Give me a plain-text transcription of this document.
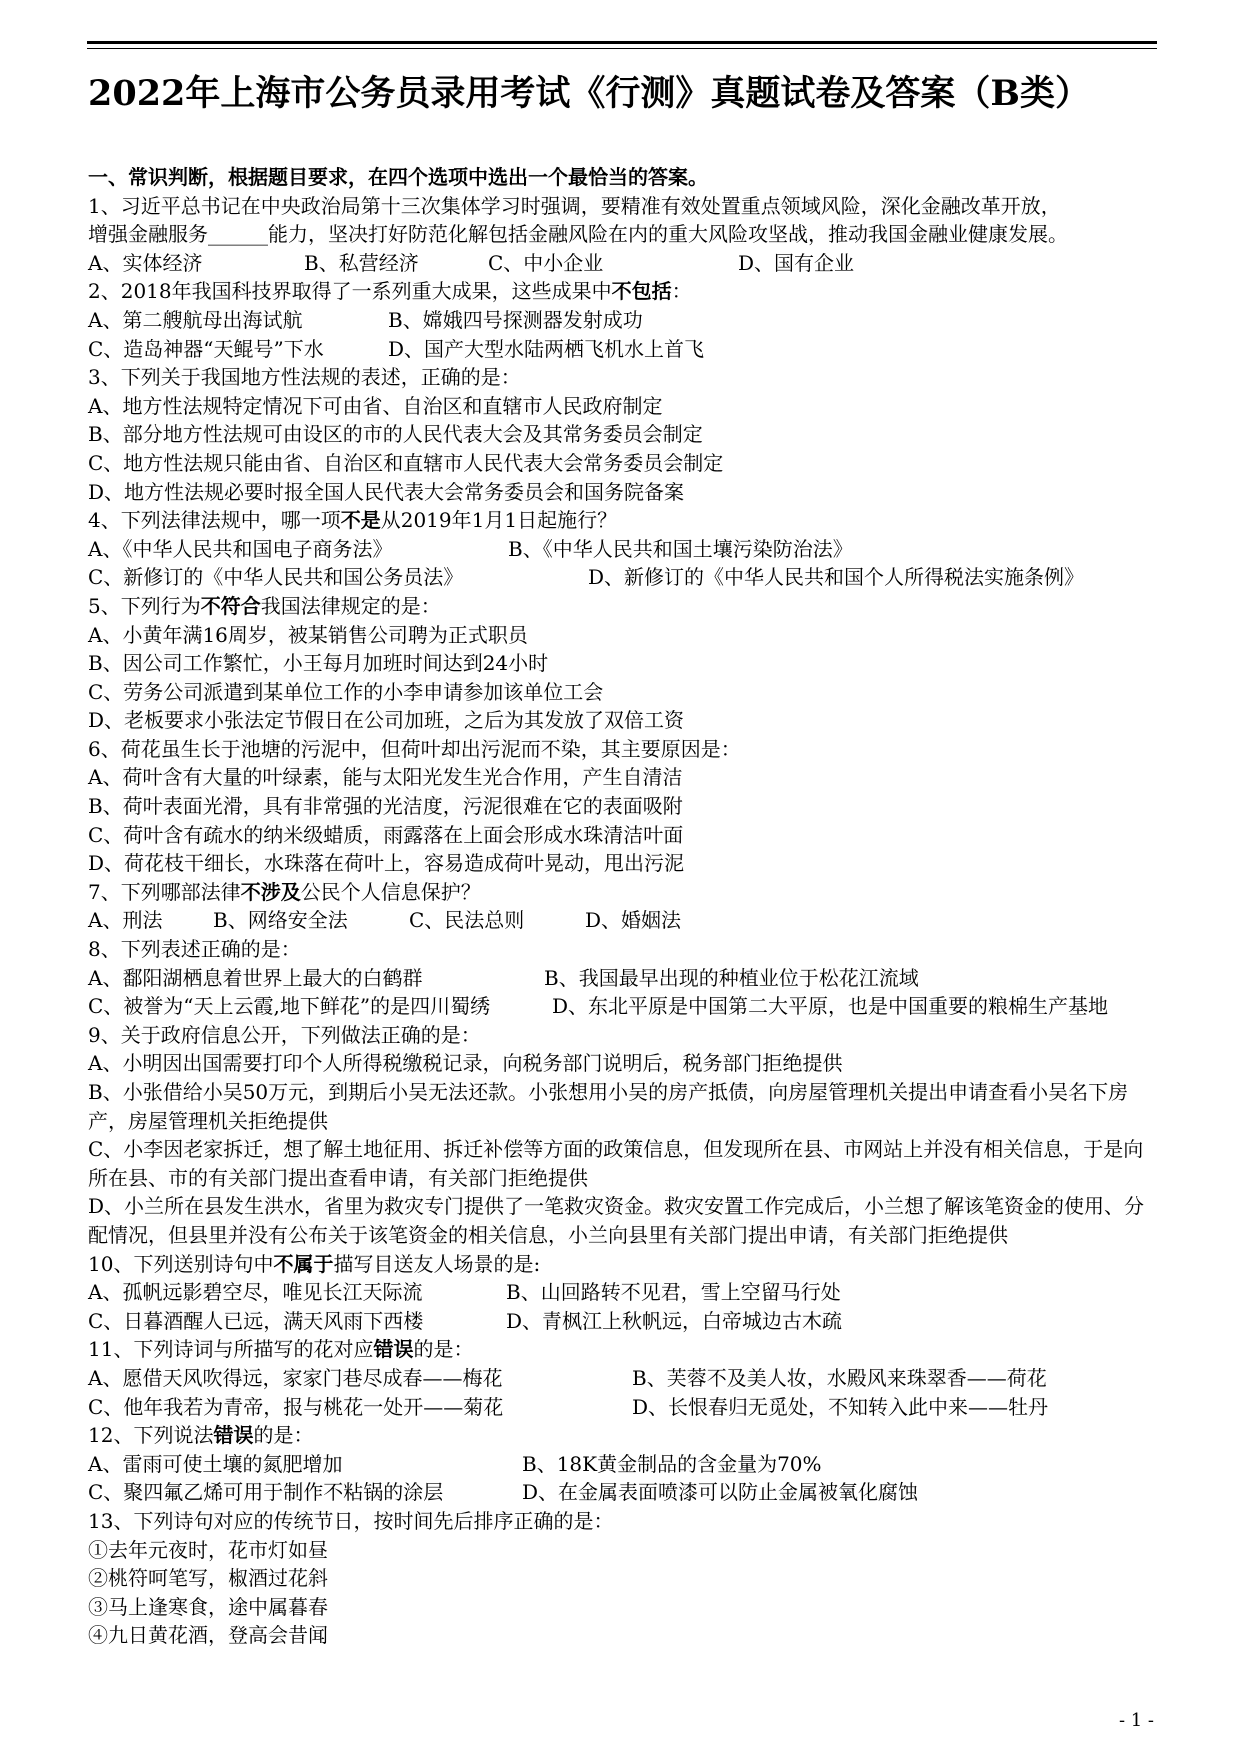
2022年上海市公务员录用考试《行测》真题试卷及答案（B类）
一、常识判断，根据题目要求，在四个选项中选出一个最恰当的答案。
1、习近平总书记在中央政治局第十三次集体学习时强调，要精准有效处置重点领域风险，深化金融改革开放，
增强金融服务______能力，坚决打好防范化解包括金融风险在内的重大风险攻坚战，推动我国金融业健康发展。
A、实体经济	B、私营经济	C、中小企业	D、国有企业
2、2018年我国科技界取得了一系列重大成果，这些成果中不包括：
A、第二艘航母出海试航	B、嫦娥四号探测器发射成功
C、造岛神器“天鲲号”下水	D、国产大型水陆两栖飞机水上首飞
3、下列关于我国地方性法规的表述，正确的是：
A、地方性法规特定情况下可由省、自治区和直辖市人民政府制定
B、部分地方性法规可由设区的市的人民代表大会及其常务委员会制定
C、地方性法规只能由省、自治区和直辖市人民代表大会常务委员会制定
D、地方性法规必要时报全国人民代表大会常务委员会和国务院备案
4、下列法律法规中，哪一项不是从2019年1月1日起施行？
A、《中华人民共和国电子商务法》	B、《中华人民共和国土壤污染防治法》
C、新修订的《中华人民共和国公务员法》	D、新修订的《中华人民共和国个人所得税法实施条例》
5、下列行为不符合我国法律规定的是：
A、小黄年满16周岁，被某销售公司聘为正式职员
B、因公司工作繁忙，小王每月加班时间达到24小时
C、劳务公司派遣到某单位工作的小李申请参加该单位工会
D、老板要求小张法定节假日在公司加班，之后为其发放了双倍工资
6、荷花虽生长于池塘的污泥中，但荷叶却出污泥而不染，其主要原因是：
A、荷叶含有大量的叶绿素，能与太阳光发生光合作用，产生自清洁
B、荷叶表面光滑，具有非常强的光洁度，污泥很难在它的表面吸附
C、荷叶含有疏水的纳米级蜡质，雨露落在上面会形成水珠清洁叶面
D、荷花枝干细长，水珠落在荷叶上，容易造成荷叶晃动，甩出污泥
7、下列哪部法律不涉及公民个人信息保护？
A、刑法	B、网络安全法	C、民法总则	D、婚姻法
8、下列表述正确的是：
A、鄱阳湖栖息着世界上最大的白鹤群	B、我国最早出现的种植业位于松花江流域
C、被誉为“天上云霞,地下鲜花”的是四川蜀绣	D、东北平原是中国第二大平原，也是中国重要的粮棉生产基地
9、关于政府信息公开，下列做法正确的是：
A、小明因出国需要打印个人所得税缴税记录，向税务部门说明后，税务部门拒绝提供
B、小张借给小吴50万元，到期后小吴无法还款。小张想用小吴的房产抵债，向房屋管理机关提出申请查看小吴名下房产，房屋管理机关拒绝提供
C、小李因老家拆迁，想了解土地征用、拆迁补偿等方面的政策信息，但发现所在县、市网站上并没有相关信息，于是向所在县、市的有关部门提出查看申请，有关部门拒绝提供
D、小兰所在县发生洪水，省里为救灾专门提供了一笔救灾资金。救灾安置工作完成后，小兰想了解该笔资金的使用、分配情况，但县里并没有公布关于该笔资金的相关信息，小兰向县里有关部门提出申请，有关部门拒绝提供
10、下列送别诗句中不属于描写目送友人场景的是:
A、孤帆远影碧空尽，唯见长江天际流	B、山回路转不见君，雪上空留马行处
C、日暮酒醒人已远，满天风雨下西楼	D、青枫江上秋帆远，白帝城边古木疏
11、下列诗词与所描写的花对应错误的是：
A、愿借天风吹得远，家家门巷尽成春——梅花	B、芙蓉不及美人妆，水殿风来珠翠香——荷花
C、他年我若为青帝，报与桃花一处开——菊花	D、长恨春归无觅处，不知转入此中来——牡丹
12、下列说法错误的是：
A、雷雨可使土壤的氮肥增加	B、18K黄金制品的含金量为70%
C、聚四氟乙烯可用于制作不粘锅的涂层	D、在金属表面喷漆可以防止金属被氧化腐蚀
13、下列诗句对应的传统节日，按时间先后排序正确的是：
①去年元夜时，花市灯如昼
②桃符呵笔写，椒酒过花斜
③马上逢寒食，途中属暮春
④九日黄花酒，登高会昔闻
- 1 -
